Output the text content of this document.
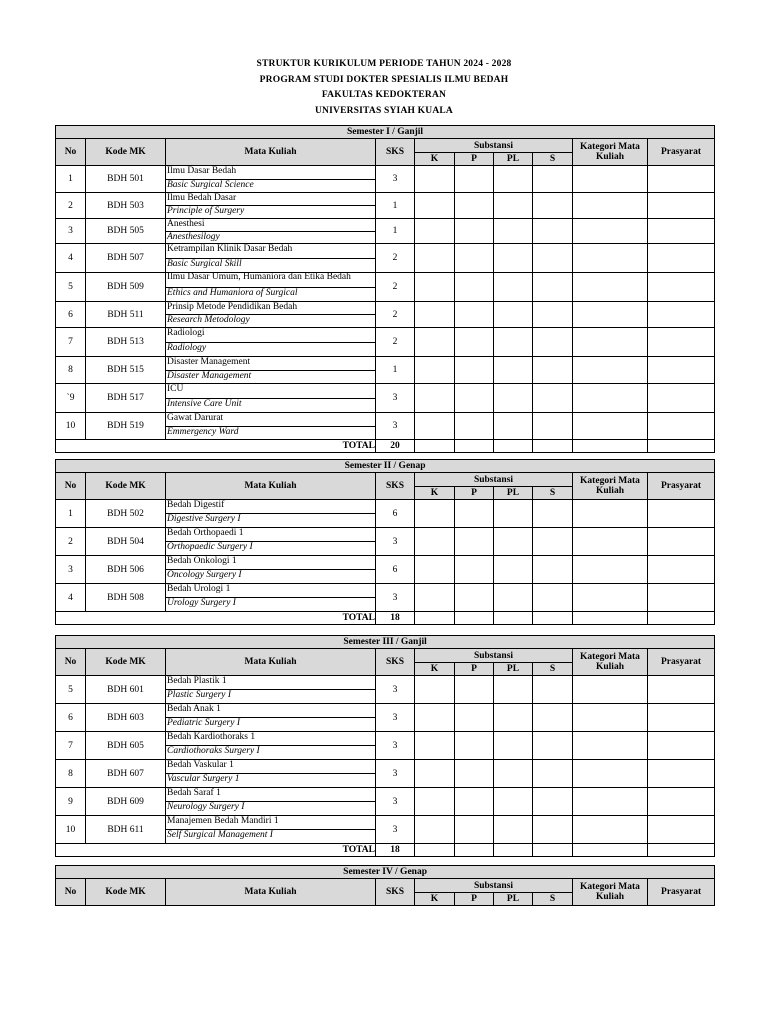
STRUKTUR KURIKULUM PERIODE TAHUN 2024 - 2028
PROGRAM STUDI DOKTER SPESIALIS ILMU BEDAH
FAKULTAS KEDOKTERAN
UNIVERSITAS SYIAH KUALA
Semester I / Ganjil									
No	Kode MK	Mata Kuliah	SKS	Substansi				Kategori Mata Kuliah	Prasyarat
				K	P	PL	S		
1	BDH 501	Ilmu Dasar Bedah
Basic Surgical Science	3						
2	BDH 503	Ilmu Bedah Dasar
Principle of Surgery	1						
3	BDH 505	Anesthesi
Anesthesilogy	1						
4	BDH 507	Ketrampilan Klinik Dasar Bedah
Basic Surgical Skill	2						
5	BDH 509	Ilmu Dasar Umum, Humaniora dan Etika Bedah
Ethics and Humaniora of Surgical	2						
6	BDH 511	Prinsip Metode Pendidikan Bedah
Research Metodology	2						
7	BDH 513	Radiologi
Radiology	2						
8	BDH 515	Disaster Management
Disaster Management	1						
`9	BDH 517	ICU
Intensive Care Unit	3						
10	BDH 519	Gawat Darurat
Emmergency Ward	3						
TOTAL			20						
Semester II / Genap									
No	Kode MK	Mata Kuliah	SKS	Substansi				Kategori Mata Kuliah	Prasyarat
				K	P	PL	S		
1	BDH 502	Bedah Digestif
Digestive Surgery I	6						
2	BDH 504	Bedah Orthopaedi 1
Orthopaedic Surgery I	3						
3	BDH 506	Bedah Onkologi 1
Oncology Surgery I	6						
4	BDH 508	Bedah Urologi 1
Urology Surgery I	3						
TOTAL			18						
Semester III / Ganjil									
No	Kode MK	Mata Kuliah	SKS	Substansi				Kategori Mata Kuliah	Prasyarat
				K	P	PL	S		
5	BDH 601	Bedah Plastik 1
Plastic Surgery I	3						
6	BDH 603	Bedah Anak 1
Pediatric Surgery I	3						
7	BDH 605	Bedah Kardiothoraks 1
Cardiothoraks Surgery I	3						
8	BDH 607	Bedah Vaskular 1
Vascular Surgery 1	3						
9	BDH 609	Bedah Saraf 1
Neurology Surgery I	3						
10	BDH 611	Manajemen Bedah Mandiri 1
Self Surgical Management I	3						
TOTAL			18						
Semester IV / Genap									
No	Kode MK	Mata Kuliah	SKS	Substansi				Kategori Mata Kuliah	Prasyarat
				K	P	PL	S		
